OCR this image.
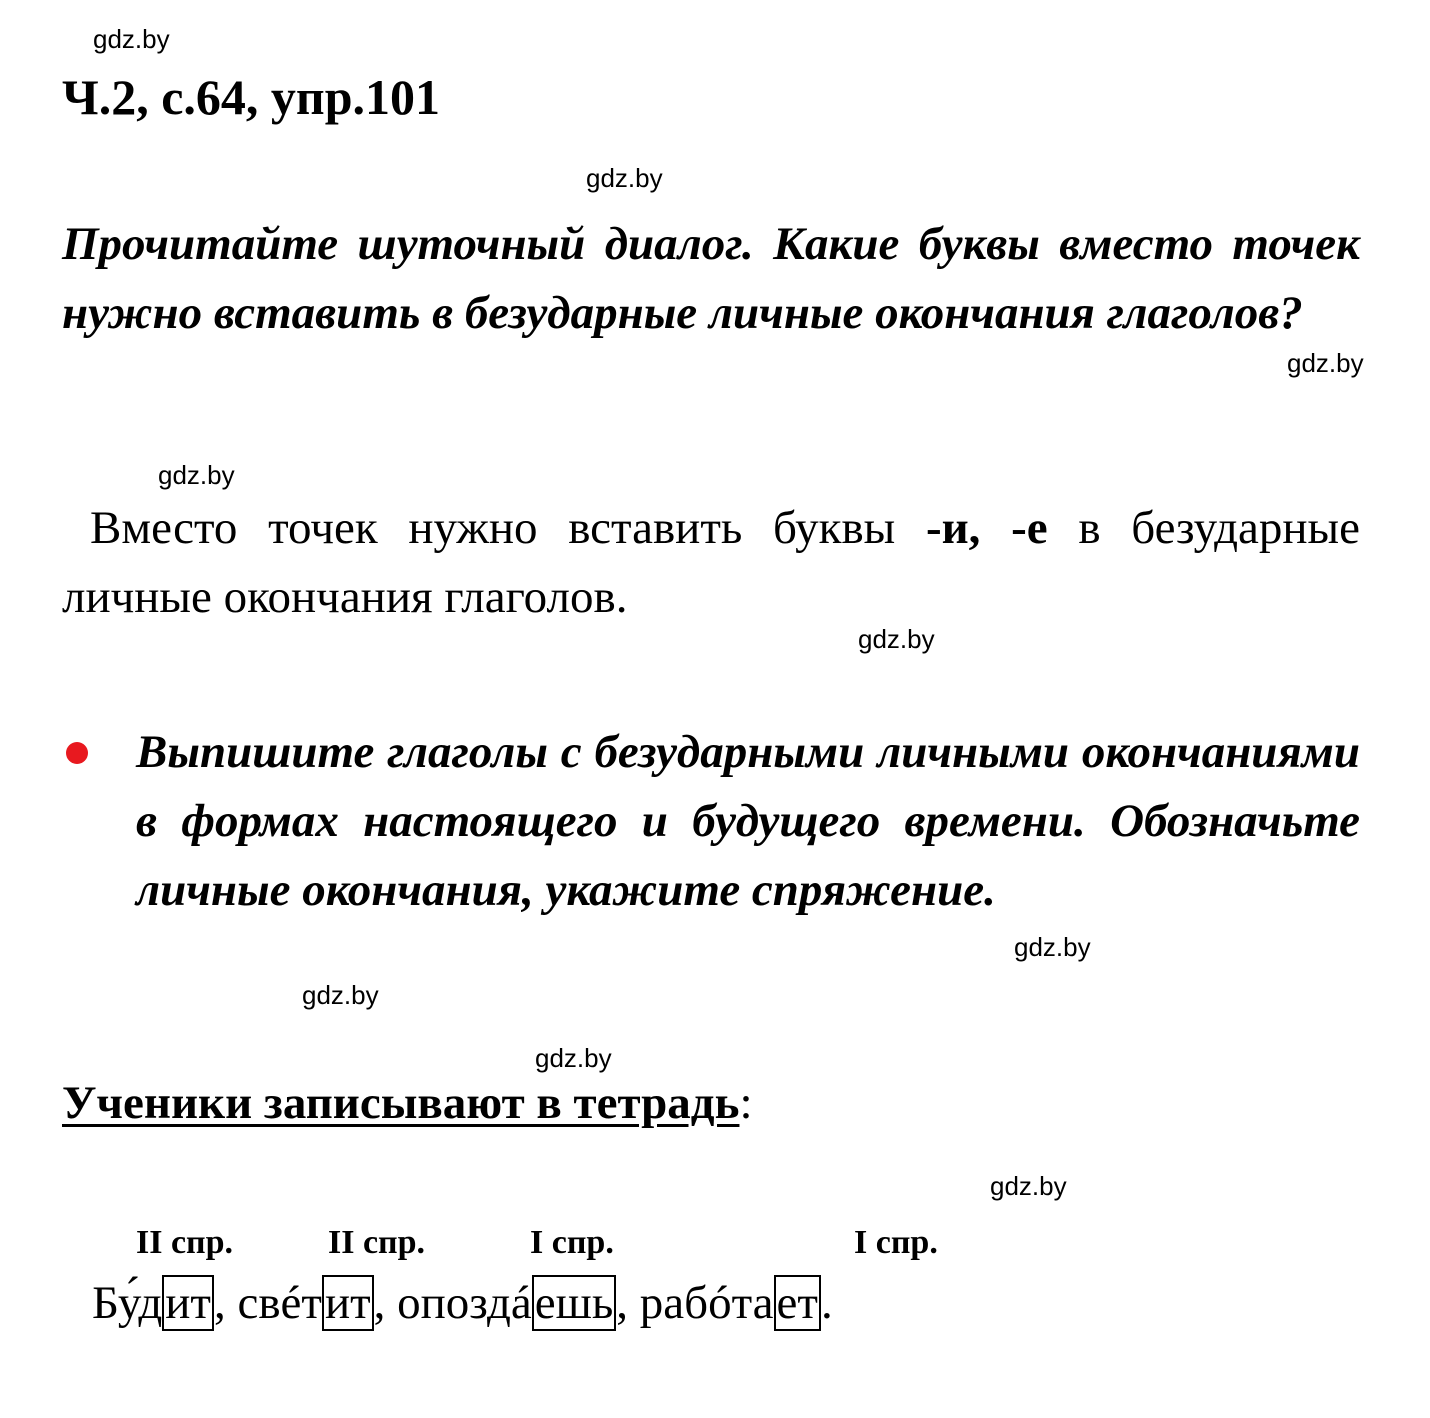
gdz.by
gdz.by
gdz.by
gdz.by
gdz.by
gdz.by
gdz.by
gdz.by
gdz.by
Ч.2, с.64, упр.101

Прочитайте шуточный диалог. Какие буквы вместо точек нужно вставить в безударные личные окончания глаголов?

Вместо точек нужно вставить буквы -и, -е в безударные личные окончания глаголов.

Выпишите глаголы с безударными личными окончаниями в формах настоящего и будущего времени. Обозначьте личные окончания, укажите спряжение.

Ученики записывают в тетрадь:

II спр.	II спр.	I спр.	I спр.
Бу́дит, свéтит, опоздáешь, рабóтает.
